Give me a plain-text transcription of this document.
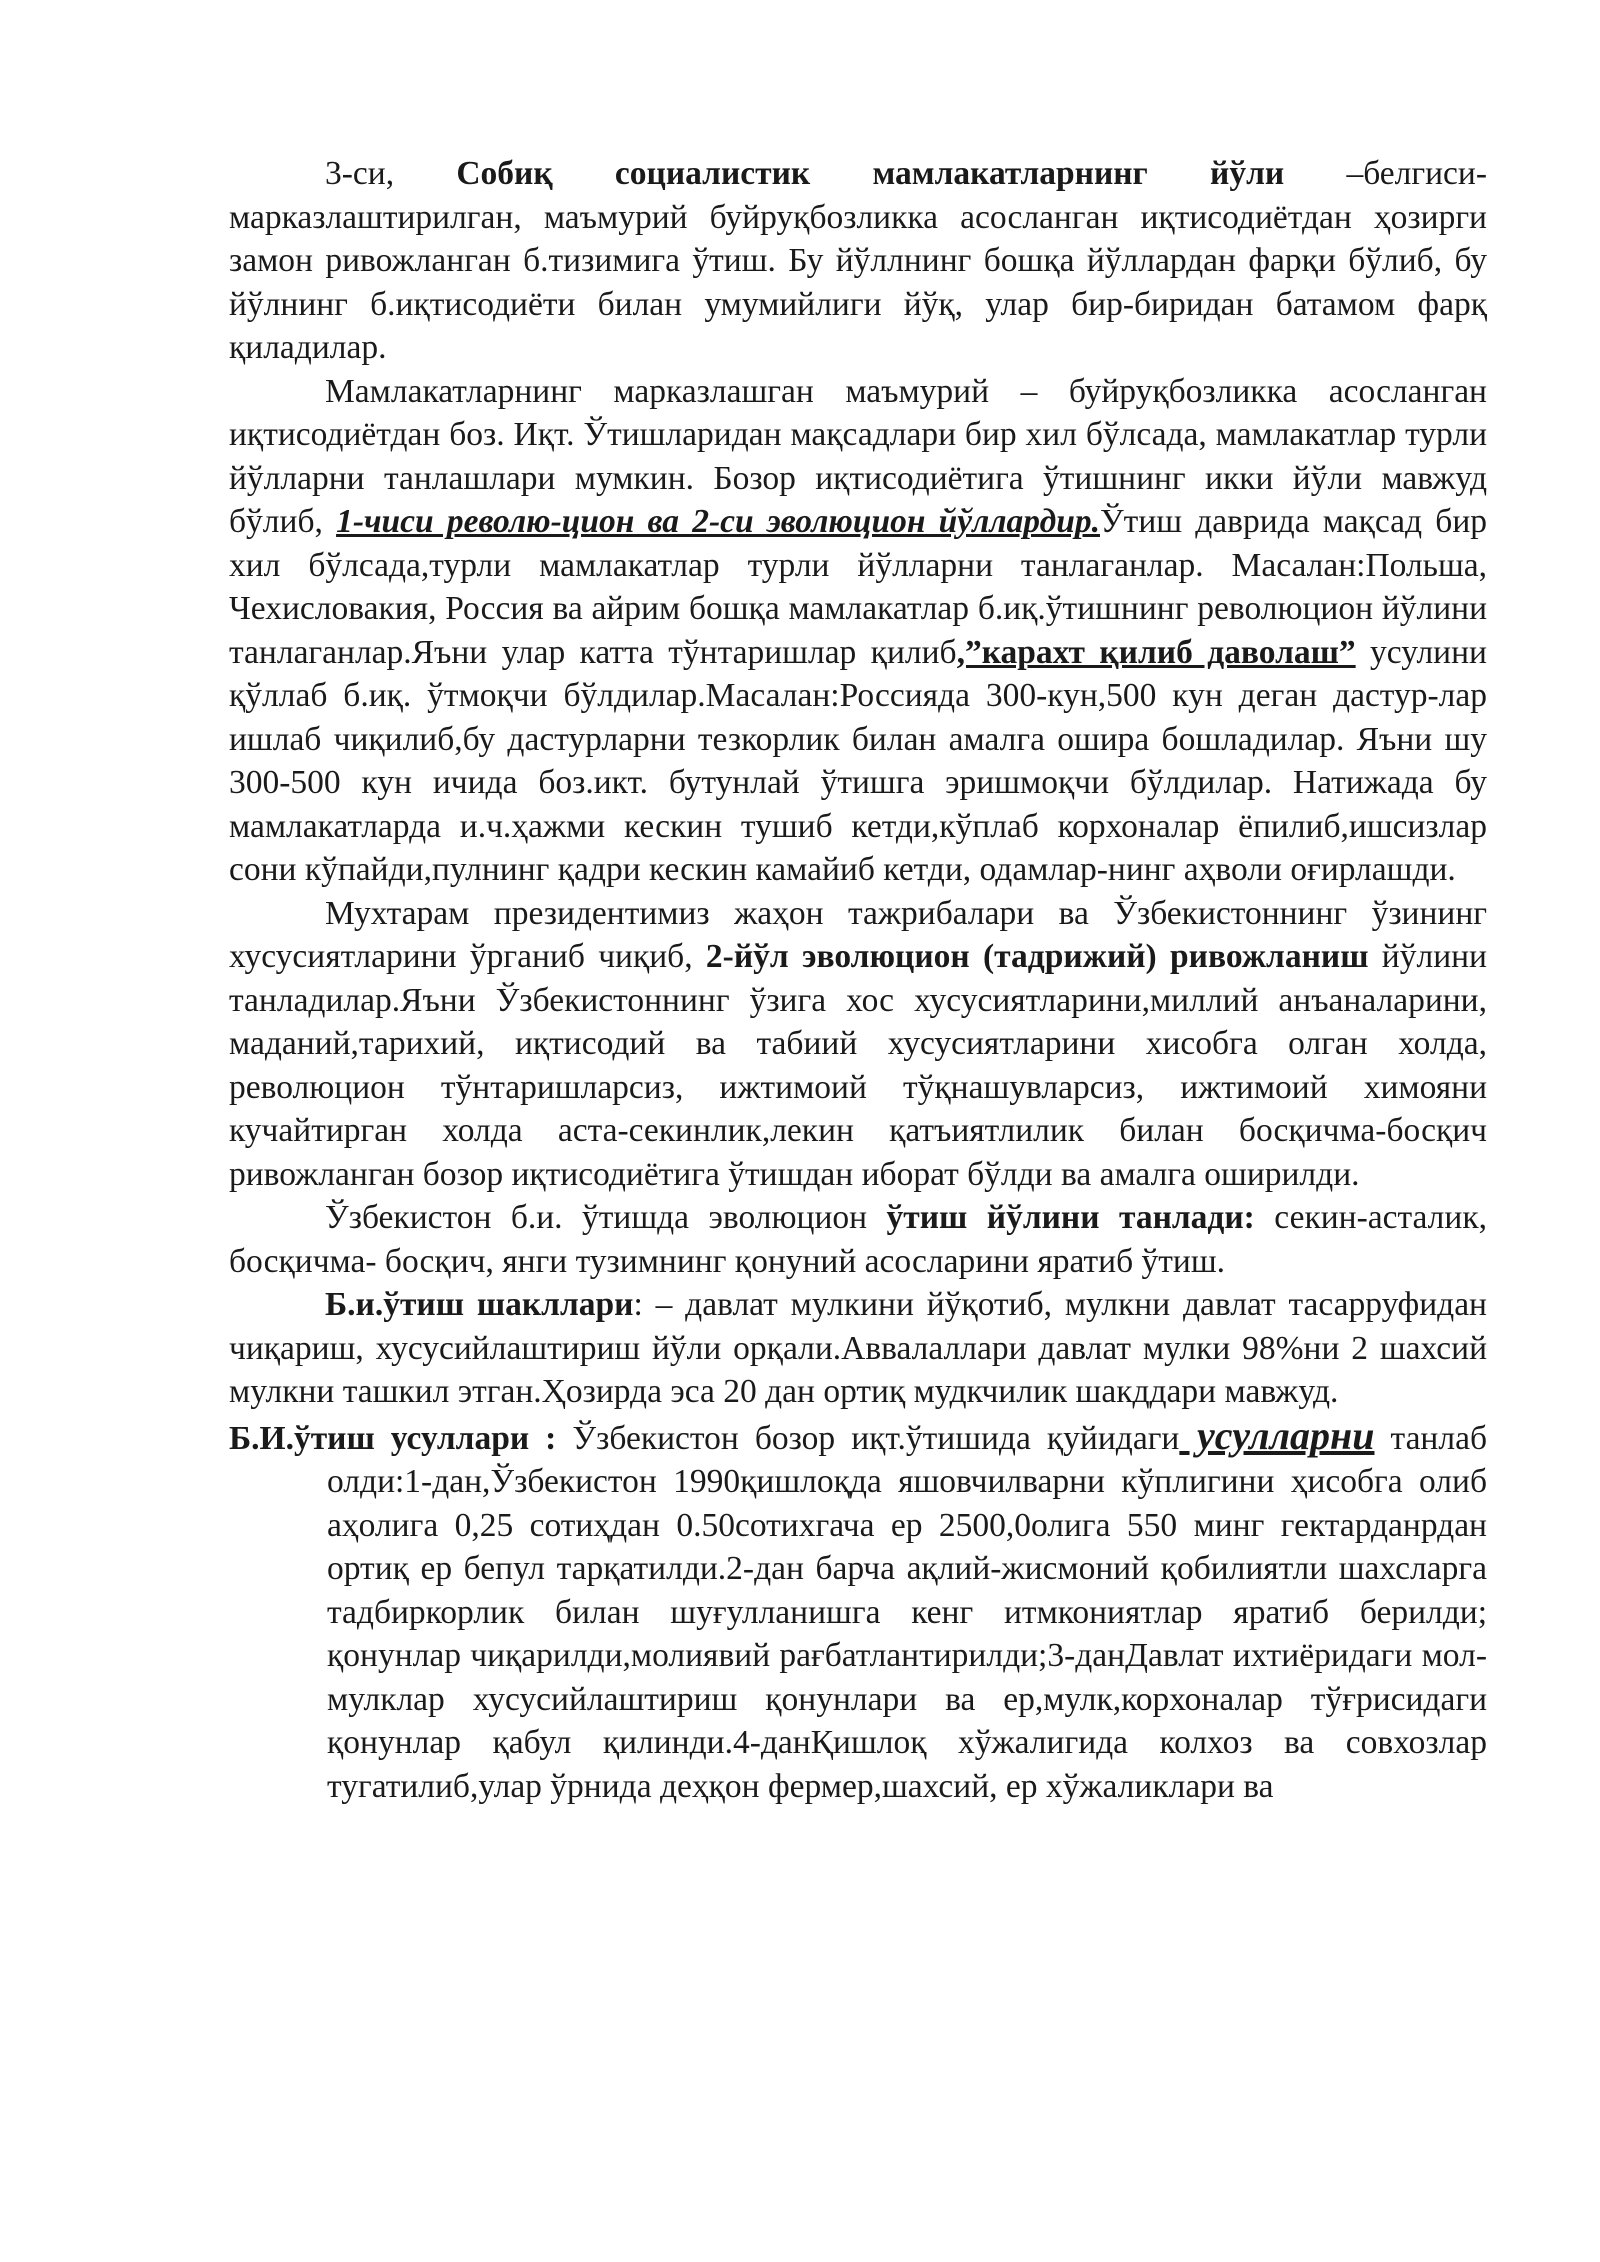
3-си, Собиқ социалистик мамлакатларнинг йўли –белгиси-марказлаштирилган, маъмурий буйруқбозликка асосланган иқтисодиётдан ҳозирги замон ривожланган б.тизимига ўтиш. Бу йўллнинг бошқа йўллардан фарқи бўлиб, бу йўлнинг б.иқтисодиёти билан умумийлиги йўқ, улар бир-биридан батамом фарқ қиладилар.

Мамлакатларнинг марказлашган маъмурий – буйруқбозликка асосланган иқтисодиётдан боз. Иқт. Ўтишларидан мақсадлари бир хил бўлсада, мамлакатлар турли йўлларни танлашлари мумкин. Бозор иқтисодиётига ўтишнинг икки йўли мавжуд бўлиб, 1-чиси револю-цион ва 2-си эволюцион йўллардир.Ўтиш даврида мақсад бир хил бўлсада,турли мамлакатлар турли йўлларни танлаганлар. Масалан:Польша, Чехисловакия, Россия ва айрим бошқа мамлакатлар б.иқ.ўтишнинг революцион йўлини танлаганлар.Яъни улар катта тўнтаришлар қилиб,”карахт қилиб даволаш” усулини қўллаб б.иқ. ўтмоқчи бўлдилар.Масалан:Россияда 300-кун,500 кун деган дастур-лар ишлаб чиқилиб,бу дастурларни тезкорлик билан амалга ошира бошладилар. Яъни шу 300-500 кун ичида боз.икт. бутунлай ўтишга эришмоқчи бўлдилар. Натижада бу мамлакатларда и.ч.ҳажми кескин тушиб кетди,кўплаб корхоналар ёпилиб,ишсизлар сони кўпайди,пулнинг қадри кескин камайиб кетди, одамлар-нинг аҳволи оғирлашди.

Мухтарам президентимиз жаҳон тажрибалари ва Ўзбекистоннинг ўзининг хусусиятларини ўрганиб чиқиб, 2-йўл эволюцион (тадрижий) ривожланиш йўлини танладилар.Яъни Ўзбекистоннинг ўзига хос хусусиятларини,миллий анъаналарини, маданий,тарихий, иқтисодий ва табиий хусусиятларини хисобга олган холда, революцион тўнтаришларсиз, ижтимоий тўқнашувларсиз, ижтимоий химояни кучайтирган холда аста-секинлик,лекин қатъиятлилик билан босқичма-босқич ривожланган бозор иқтисодиётига ўтишдан иборат бўлди ва амалга оширилди.

Ўзбекистон б.и. ўтишда эволюцион ўтиш йўлини танлади: секин-асталик, босқичма- босқич, янги тузимнинг қонуний асосларини яратиб ўтиш.

Б.и.ўтиш шакллари: – давлат мулкини йўқотиб, мулкни давлат тасарруфидан чиқариш, хусусийлаштириш йўли орқали.Аввалаллари давлат мулки 98%ни 2 шахсий мулкни ташкил этган.Ҳозирда эса 20 дан ортиқ мудкчилик шакддари мавжуд.

Б.И.ўтиш усуллари : Ўзбекистон бозор иқт.ўтишида қуйидаги усулларни танлаб олди:1-дан,Ўзбекистон 1990қишлоқда яшовчилварни кўплигини ҳисобга олиб аҳолига 0,25 сотиҳдан 0.50сотихгача ер 2500,0олига 550 минг гектарданрдан ортиқ ер бепул тарқатилди.2-дан барча ақлий-жисмоний қобилиятли шахсларга тадбиркорлик билан шуғулланишга кенг итмкониятлар яратиб берилди; қонунлар чиқарилди,молиявий рағбатлантирилди;3-данДавлат ихтиёридаги мол-мулклар хусусийлаштириш қонунлари ва ер,мулк,корхоналар тўғрисидаги қонунлар қабул қилинди.4-данҚишлоқ хўжалигида колхоз ва совхозлар тугатилиб,улар ўрнида деҳқон фермер,шахсий, ер хўжаликлари ва
